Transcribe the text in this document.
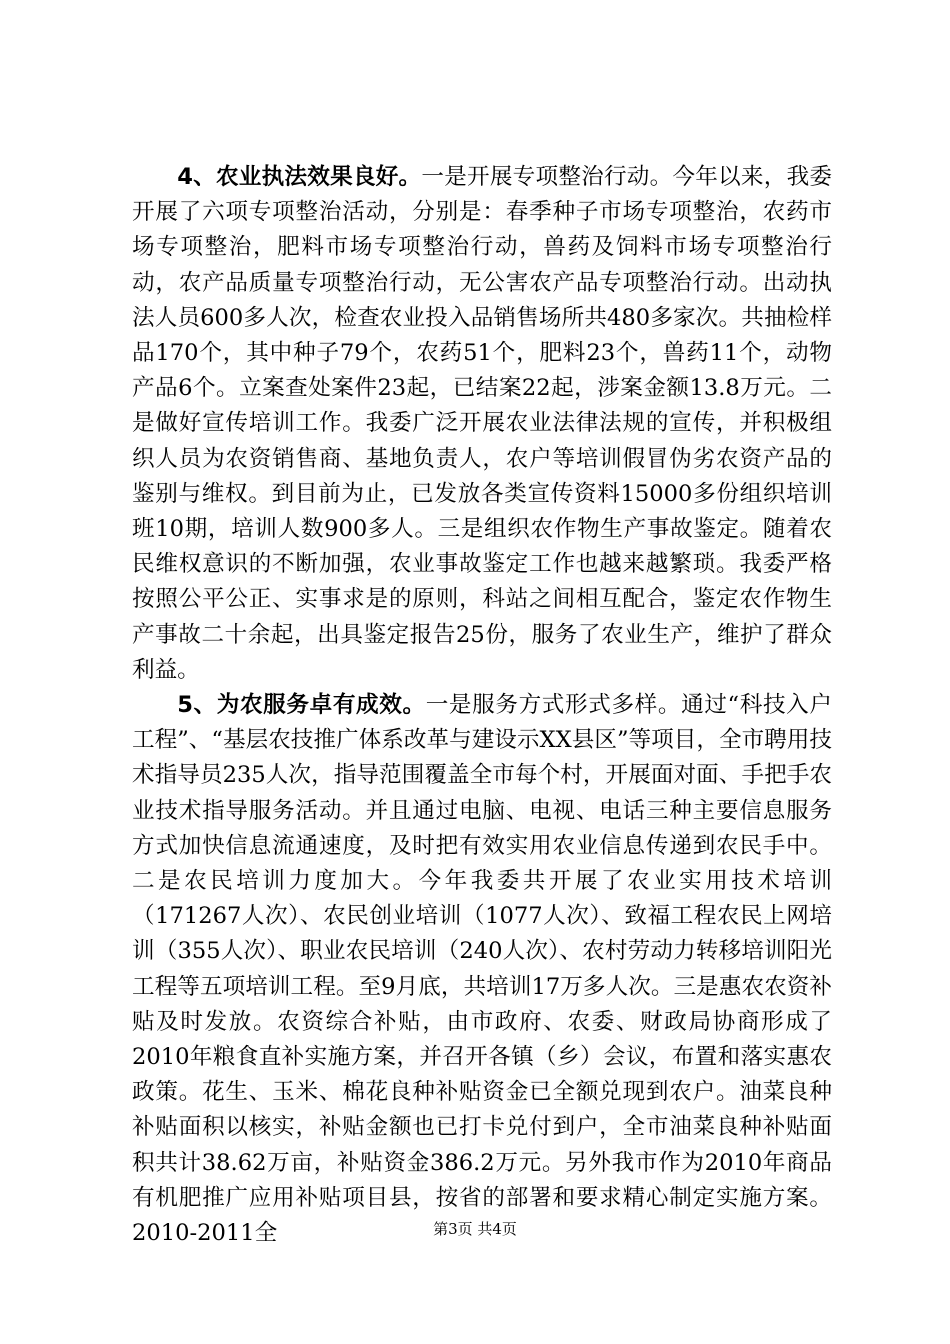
4、农业执法效果良好。一是开展专项整治行动。今年以来，我委开展了六项专项整治活动，分别是：春季种子市场专项整治，农药市场专项整治，肥料市场专项整治行动，兽药及饲料市场专项整治行动，农产品质量专项整治行动，无公害农产品专项整治行动。出动执法人员600多人次，检查农业投入品销售场所共480多家次。共抽检样品170个，其中种子79个，农药51个，肥料23个，兽药11个，动物产品6个。立案查处案件23起，已结案22起，涉案金额13.8万元。二是做好宣传培训工作。我委广泛开展农业法律法规的宣传，并积极组织人员为农资销售商、基地负责人，农户等培训假冒伪劣农资产品的鉴别与维权。到目前为止，已发放各类宣传资料15000多份组织培训班10期，培训人数900多人。三是组织农作物生产事故鉴定。随着农民维权意识的不断加强，农业事故鉴定工作也越来越繁琐。我委严格按照公平公正、实事求是的原则，科站之间相互配合，鉴定农作物生产事故二十余起，出具鉴定报告25份，服务了农业生产，维护了群众利益。

5、为农服务卓有成效。一是服务方式形式多样。通过“科技入户工程”、“基层农技推广体系改革与建设示XX县区”等项目，全市聘用技术指导员235人次，指导范围覆盖全市每个村，开展面对面、手把手农业技术指导服务活动。并且通过电脑、电视、电话三种主要信息服务方式加快信息流通速度，及时把有效实用农业信息传递到农民手中。二是农民培训力度加大。今年我委共开展了农业实用技术培训（171267人次）、农民创业培训（1077人次）、致福工程农民上网培训（355人次）、职业农民培训（240人次）、农村劳动力转移培训阳光工程等五项培训工程。至9月底，共培训17万多人次。三是惠农农资补贴及时发放。农资综合补贴，由市政府、农委、财政局协商形成了2010年粮食直补实施方案，并召开各镇（乡）会议，布置和落实惠农政策。花生、玉米、棉花良种补贴资金已全额兑现到农户。油菜良种补贴面积以核实，补贴金额也已打卡兑付到户，全市油菜良种补贴面积共计38.62万亩，补贴资金386.2万元。另外我市作为2010年商品有机肥推广应用补贴项目县，按省的部署和要求精心制定实施方案。2010-2011全	第3页 共4页
